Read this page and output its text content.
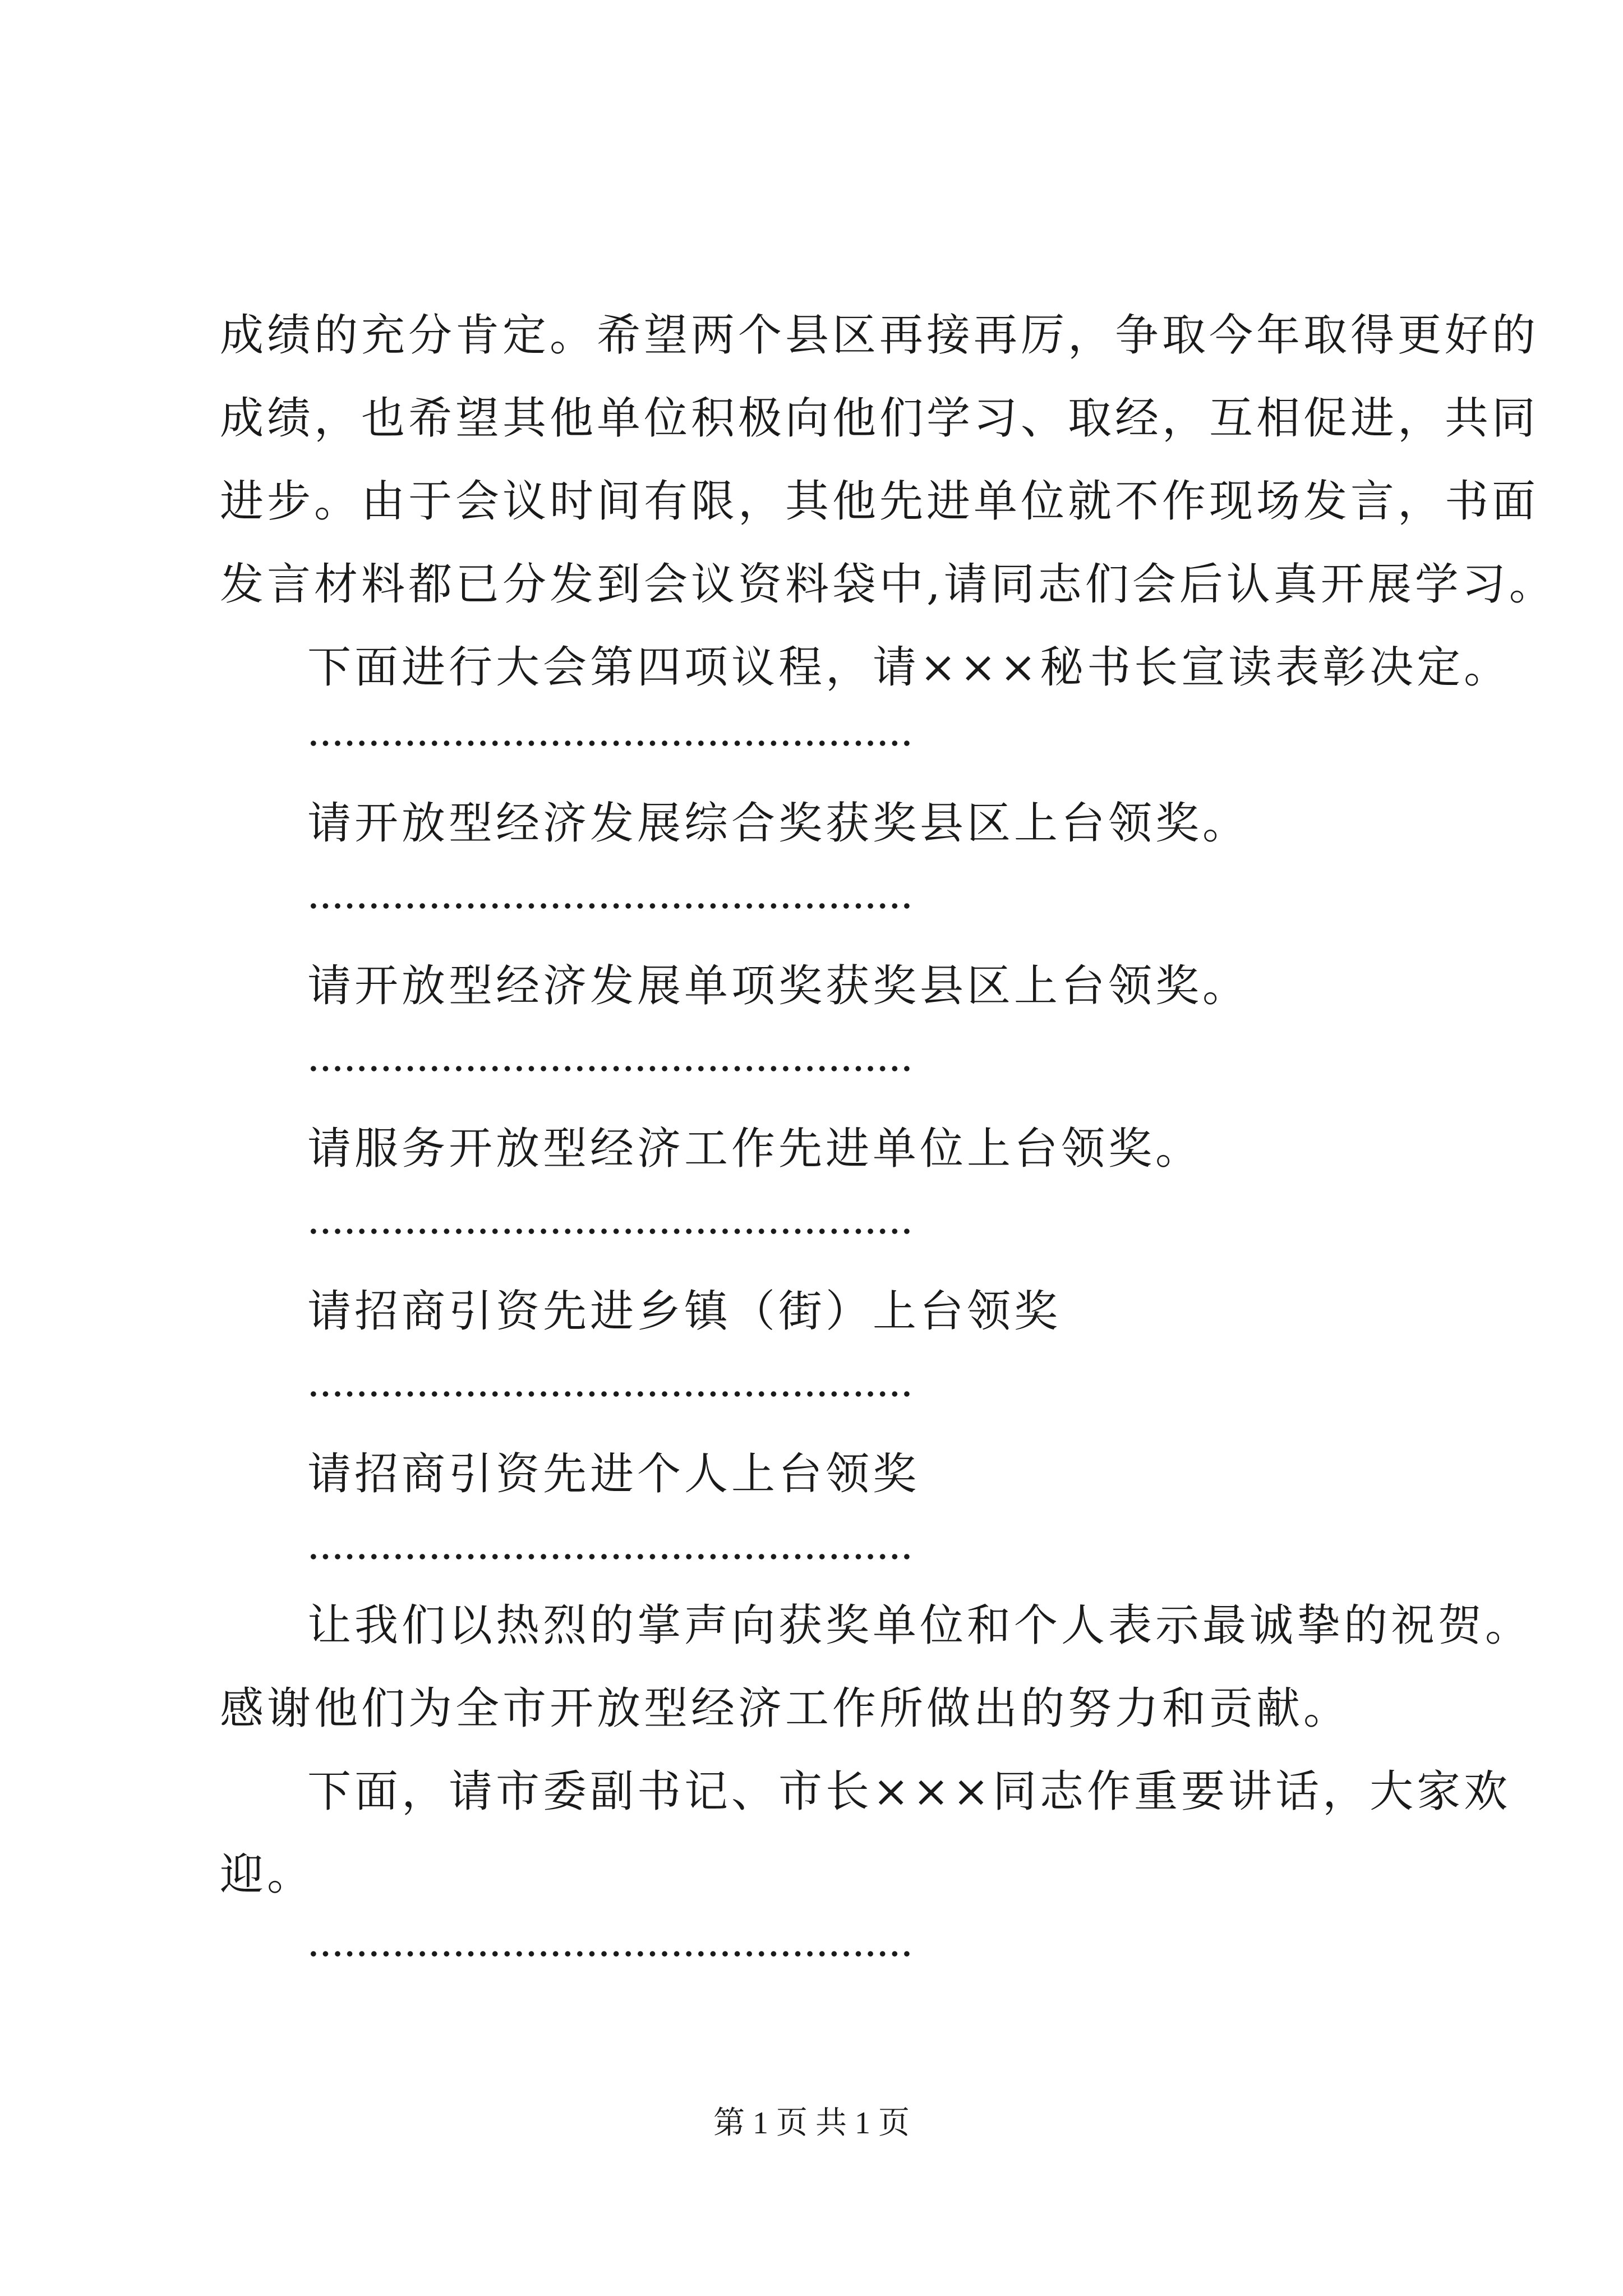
成绩的充分肯定。希望两个县区再接再厉，争取今年取得更好的
成绩，也希望其他单位积极向他们学习、取经，互相促进，共同
进步。由于会议时间有限，其他先进单位就不作现场发言，书面
发言材料都已分发到会议资料袋中,请同志们会后认真开展学习。
下面进行大会第四项议程，请×××秘书长宣读表彰决定。
请开放型经济发展综合奖获奖县区上台领奖。
请开放型经济发展单项奖获奖县区上台领奖。
请服务开放型经济工作先进单位上台领奖。
请招商引资先进乡镇（街）上台领奖
请招商引资先进个人上台领奖
让我们以热烈的掌声向获奖单位和个人表示最诚挚的祝贺。
感谢他们为全市开放型经济工作所做出的努力和贡献。
下面，请市委副书记、市长×××同志作重要讲话，大家欢
迎。
第 1 页 共 1 页
